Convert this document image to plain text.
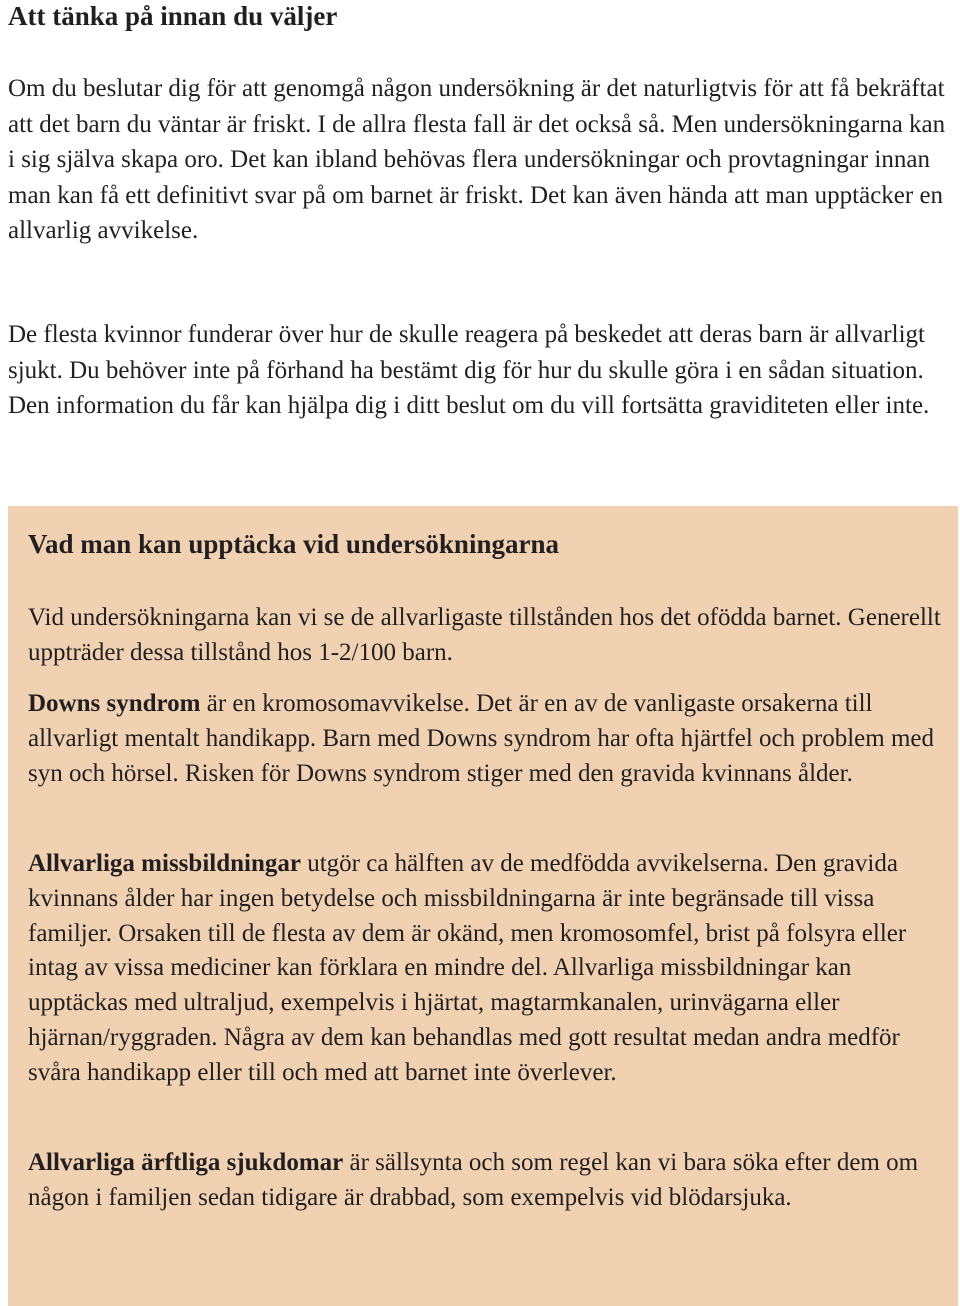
Att tänka på innan du väljer

Om du beslutar dig för att genomgå någon undersökning är det naturligtvis för att få bekräftat att det barn du väntar är friskt. I de allra flesta fall är det också så. Men undersökningarna kan i sig själva skapa oro. Det kan ibland behövas flera undersökningar och provtagningar innan man kan få ett definitivt svar på om barnet är friskt. Det kan även hända att man upptäcker en allvarlig avvikelse.

De flesta kvinnor funderar över hur de skulle reagera på beskedet att deras barn är allvarligt sjukt. Du behöver inte på förhand ha bestämt dig för hur du skulle göra i en sådan situation. Den information du får kan hjälpa dig i ditt beslut om du vill fortsätta graviditeten eller inte.

Vad man kan upptäcka vid undersökningarna

Vid undersökningarna kan vi se de allvarligaste tillstånden hos det ofödda barnet. Generellt uppträder dessa tillstånd hos 1-2/100 barn.

Downs syndrom är en kromosomavvikelse. Det är en av de vanligaste orsakerna till allvarligt mentalt handikapp. Barn med Downs syndrom har ofta hjärtfel och problem med syn och hörsel. Risken för Downs syndrom stiger med den gravida kvinnans ålder.

Allvarliga missbildningar utgör ca hälften av de medfödda avvikelserna. Den gravida kvinnans ålder har ingen betydelse och missbildningarna är inte begränsade till vissa familjer. Orsaken till de flesta av dem är okänd, men kromosomfel, brist på folsyra eller intag av vissa mediciner kan förklara en mindre del. Allvarliga missbildningar kan upptäckas med ultraljud, exempelvis i hjärtat, magtarmkanalen, urinvägarna eller hjärnan/ryggraden. Några av dem kan behandlas med gott resultat medan andra medför svåra handikapp eller till och med att barnet inte överlever.

Allvarliga ärftliga sjukdomar är sällsynta och som regel kan vi bara söka efter dem om någon i familjen sedan tidigare är drabbad, som exempelvis vid blödarsjuka.
